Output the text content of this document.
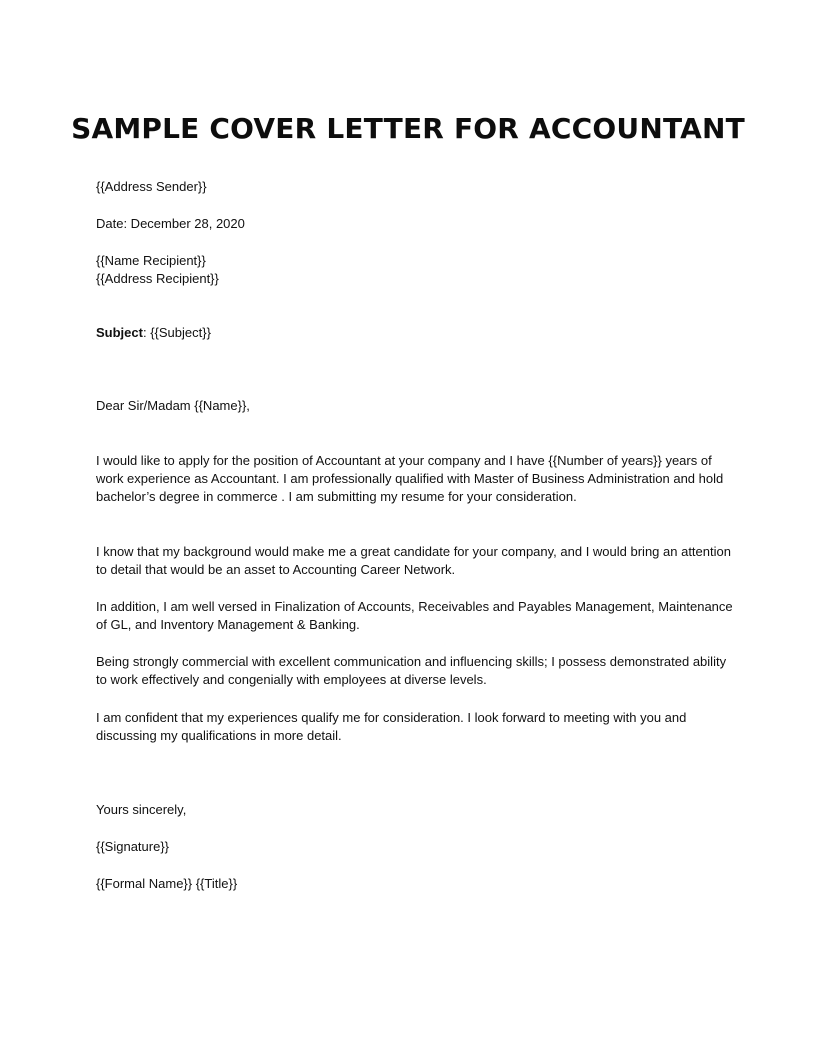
SAMPLE COVER LETTER FOR ACCOUNTANT

{{Address Sender}}

Date: December 28, 2020

{{Name Recipient}}

{{Address Recipient}}

Subject: {{Subject}}

Dear Sir/Madam {{Name}},

I would like to apply for the position of Accountant at your company and I have {{Number of years}} years of work experience as Accountant. I am professionally qualified with Master of Business Administration and hold bachelor’s degree in commerce . I am submitting my resume for your consideration.

I know that my background would make me a great candidate for your company, and I would bring an attention to detail that would be an asset to Accounting Career Network.

In addition, I am well versed in Finalization of Accounts, Receivables and Payables Management, Maintenance of GL, and Inventory Management & Banking.

Being strongly commercial with excellent communication and influencing skills; I possess demonstrated ability to work effectively and congenially with employees at diverse levels.

I am confident that my experiences qualify me for consideration. I look forward to meeting with you and discussing my qualifications in more detail.

Yours sincerely,

{{Signature}}

{{Formal Name}} {{Title}}
